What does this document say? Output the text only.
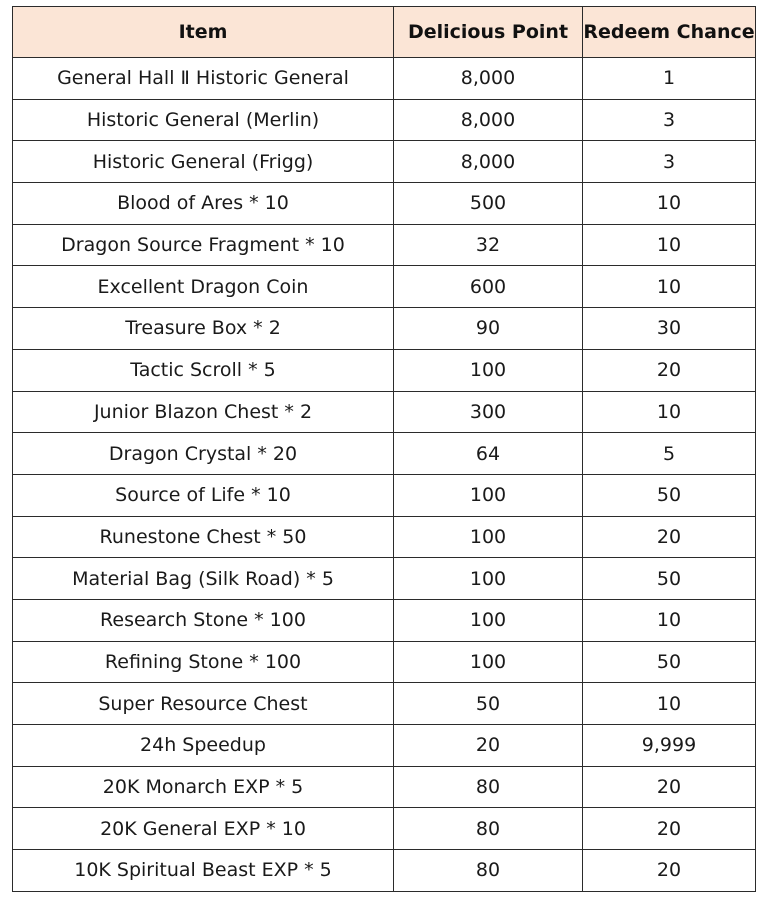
Item	Delicious Point	Redeem Chance
General Hall Ⅱ Historic General	8,000	1
Historic General (Merlin)	8,000	3
Historic General (Frigg)	8,000	3
Blood of Ares * 10	500	10
Dragon Source Fragment * 10	32	10
Excellent Dragon Coin	600	10
Treasure Box * 2	90	30
Tactic Scroll * 5	100	20
Junior Blazon Chest * 2	300	10
Dragon Crystal * 20	64	5
Source of Life * 10	100	50
Runestone Chest * 50	100	20
Material Bag (Silk Road) * 5	100	50
Research Stone * 100	100	10
Refining Stone * 100	100	50
Super Resource Chest	50	10
24h Speedup	20	9,999
20K Monarch EXP * 5	80	20
20K General EXP * 10	80	20
10K Spiritual Beast EXP * 5	80	20
